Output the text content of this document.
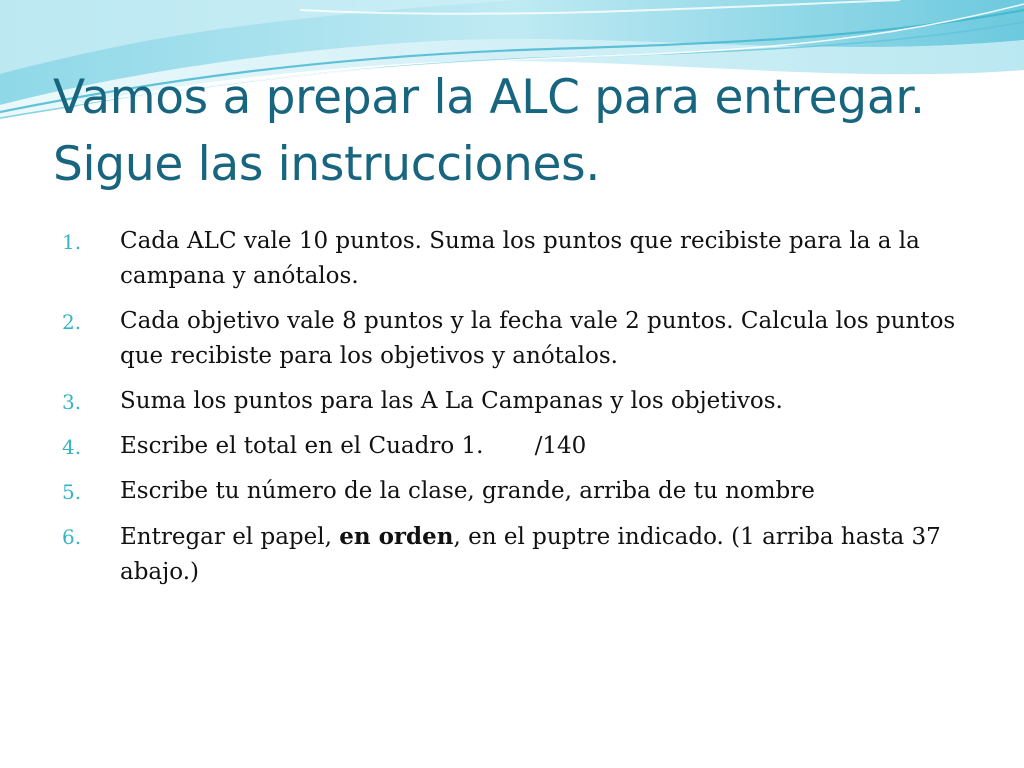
Vamos a prepar la ALC para entregar. Sigue las instrucciones.
1. Cada ALC vale 10 puntos. Suma los puntos que recibiste para la a la campana y anótalos.
2. Cada objetivo vale 8 puntos y la fecha vale 2 puntos. Calcula los puntos que recibiste para los objetivos y anótalos.
3. Suma los puntos para las A La Campanas y los objetivos.
4. Escribe el total en el Cuadro 1.       /140
5. Escribe tu número de la clase, grande, arriba de tu nombre
6. Entregar el papel, en orden, en el puptre indicado. (1 arriba hasta 37 abajo.)
